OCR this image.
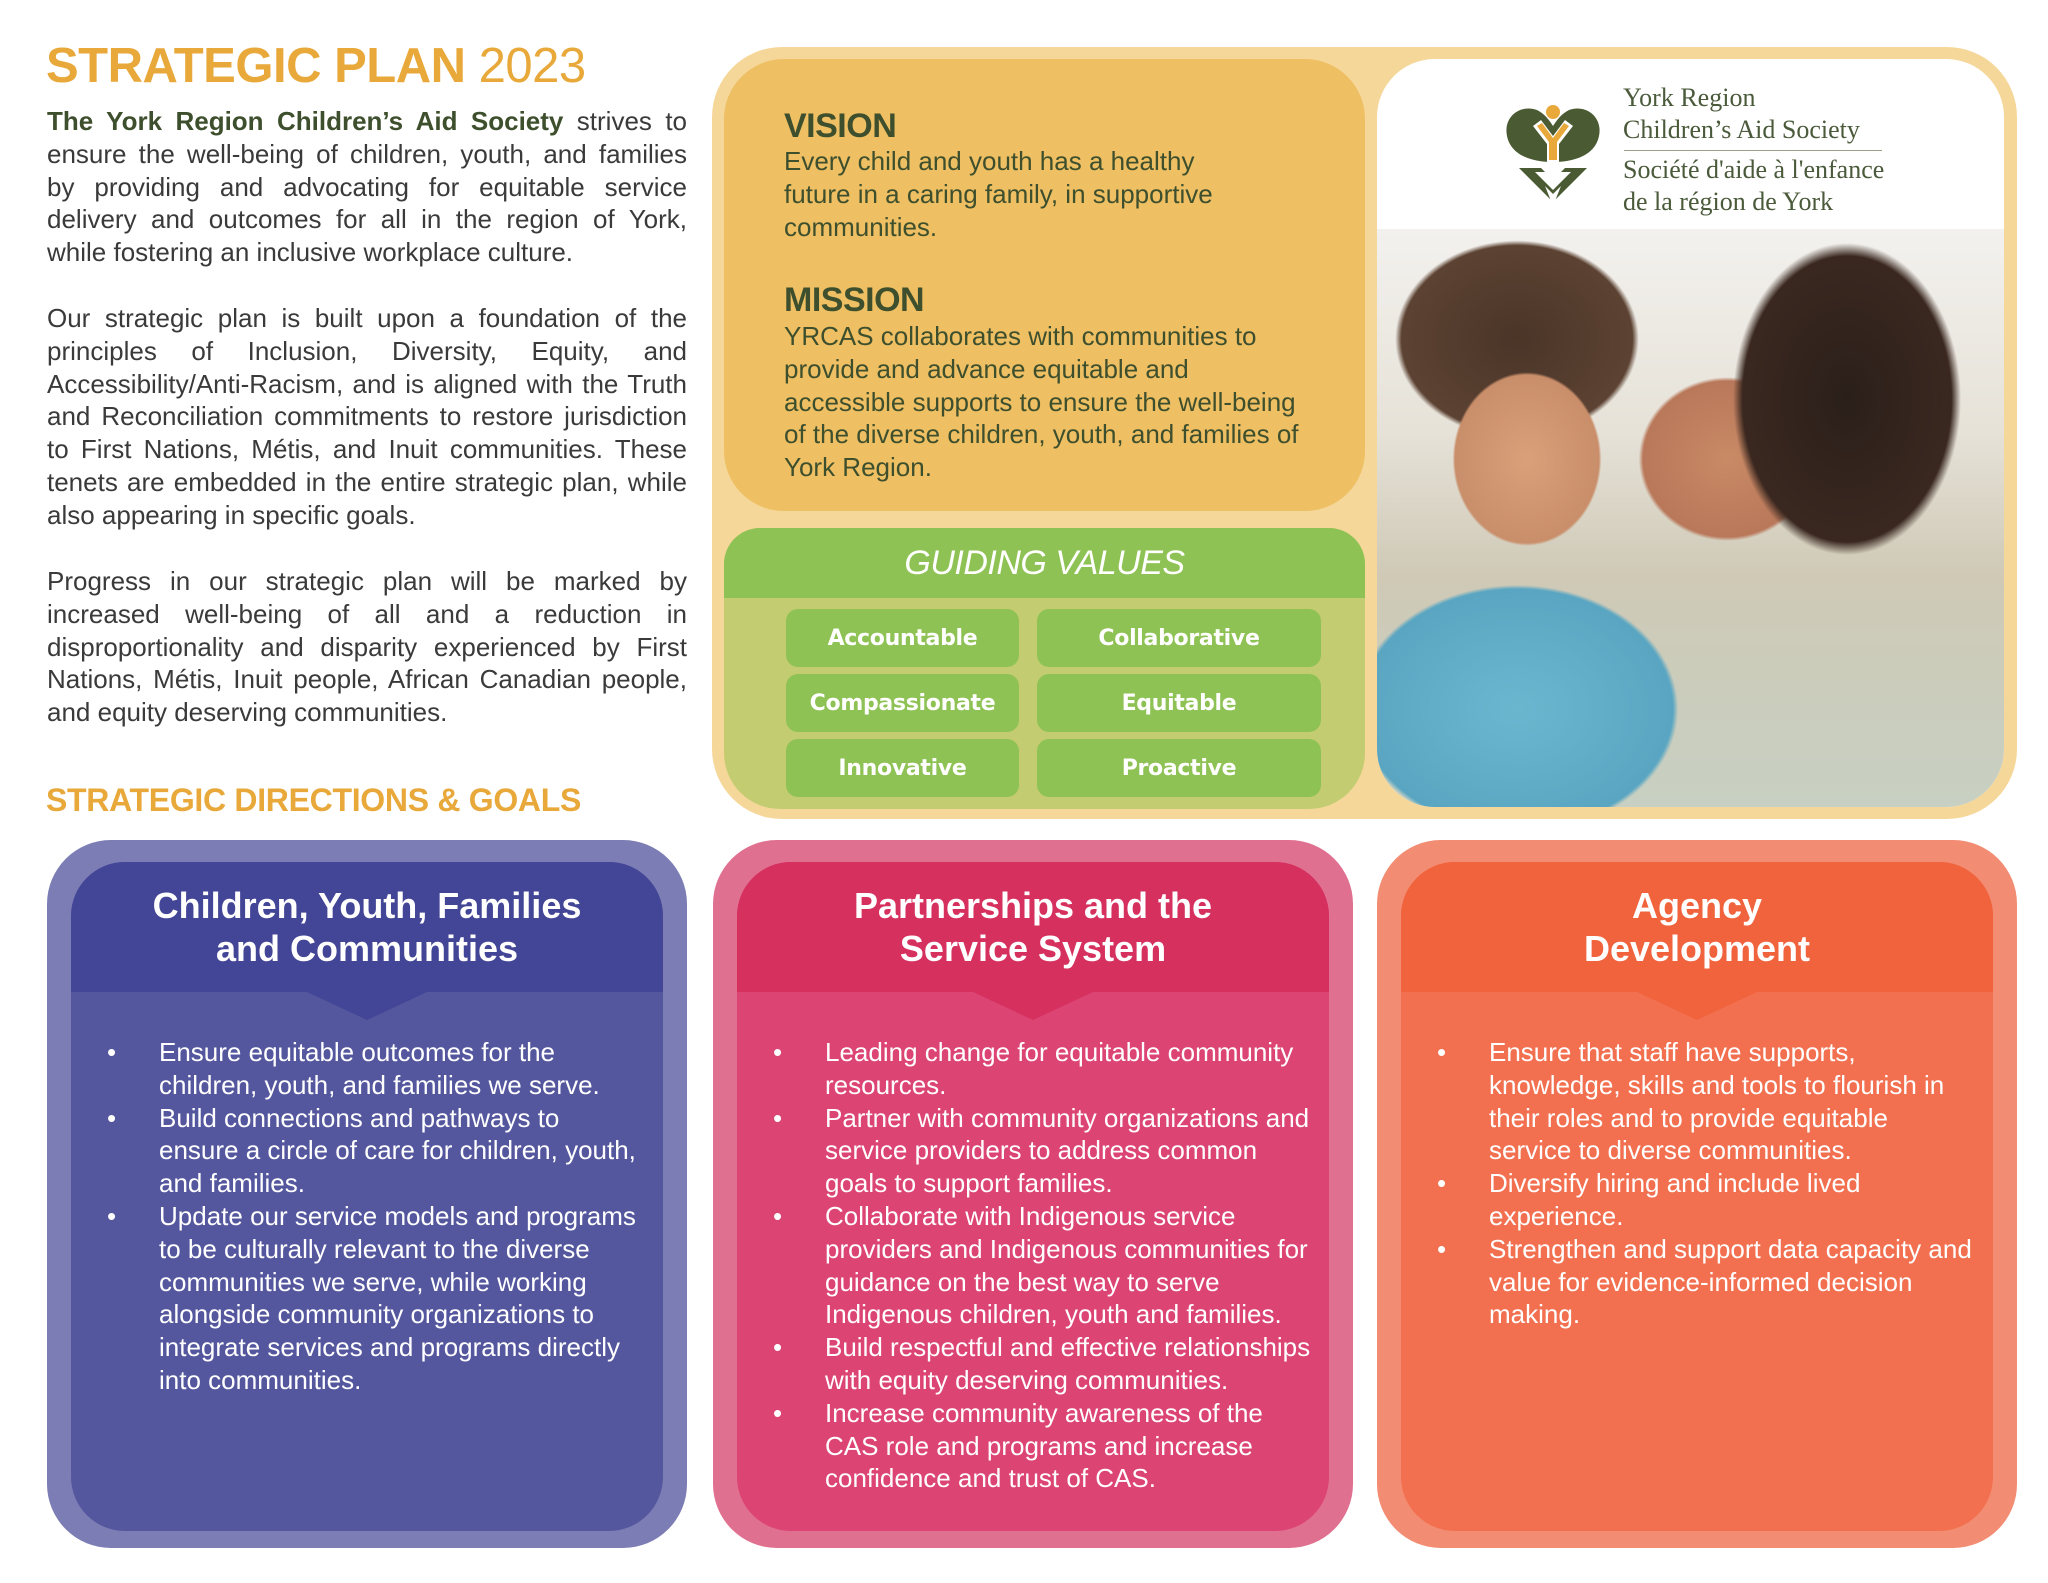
STRATEGIC PLAN 2023

The York Region Children’s Aid Society strives to ensure the well-being of children, youth, and families by providing and advocating for equitable service delivery and outcomes for all in the region of York, while fostering an inclusive workplace culture.

Our strategic plan is built upon a foundation of the principles of Inclusion, Diversity, Equity, and Accessibility/Anti-Racism, and is aligned with the Truth and Reconciliation commitments to restore jurisdiction to First Nations, Métis, and Inuit communities. These tenets are embedded in the entire strategic plan, while also appearing in specific goals.

Progress in our strategic plan will be marked by increased well-being of all and a reduction in disproportionality and disparity experienced by First Nations, Métis, Inuit people, African Canadian people, and equity deserving communities.

STRATEGIC DIRECTIONS & GOALS
VISION

Every child and youth has a healthy future in a caring family, in supportive communities.

MISSION

YRCAS collaborates with communities to provide and advance equitable and accessible supports to ensure the well-being of the diverse children, youth, and families of York Region.

GUIDING VALUES
Accountable	Collaborative
Compassionate	Equitable
Innovative	Proactive
York Region
Children’s Aid Society
Société d'aide à l'enfance
de la région de York
Children, Youth, Families
and Communities
• Ensure equitable outcomes for the children, youth, and families we serve.
• Build connections and pathways to ensure a circle of care for children, youth, and families.
• Update our service models and programs to be culturally relevant to the diverse communities we serve, while working alongside community organizations to integrate services and programs directly into communities.
Partnerships and the
Service System
• Leading change for equitable community resources.
• Partner with community organizations and service providers to address common goals to support families.
• Collaborate with Indigenous service providers and Indigenous communities for guidance on the best way to serve Indigenous children, youth and families.
• Build respectful and effective relationships with equity deserving communities.
• Increase community awareness of the CAS role and programs and increase confidence and trust of CAS.
Agency
Development
• Ensure that staff have supports, knowledge, skills and tools to flourish in their roles and to provide equitable service to diverse communities.
• Diversify hiring and include lived experience.
• Strengthen and support data capacity and value for evidence-informed decision making.
